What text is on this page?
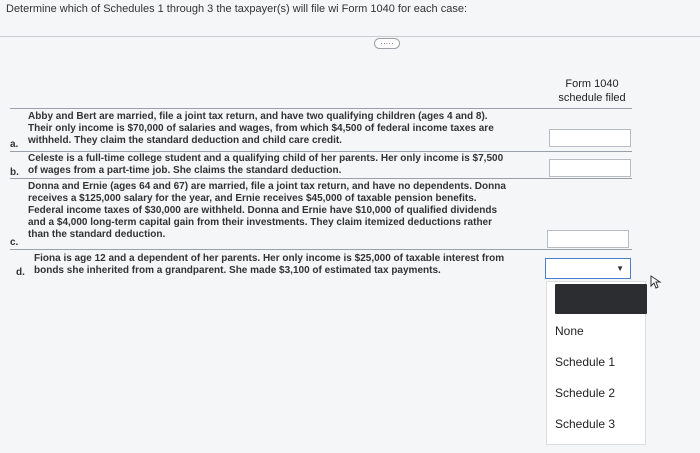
Determine which of Schedules 1 through 3 the taxpayer(s) will file wi Form 1040 for each case:
·····
Form 1040
schedule filed
a.
Abby and Bert are married, file a joint tax return, and have two qualifying children (ages 4 and 8).
Their only income is $70,000 of salaries and wages, from which $4,500 of federal income taxes are
withheld. They claim the standard deduction and child care credit.
b.
Celeste is a full-time college student and a qualifying child of her parents. Her only income is $7,500
of wages from a part-time job. She claims the standard deduction.
c.
Donna and Ernie (ages 64 and 67) are married, file a joint tax return, and have no dependents. Donna
receives a $125,000 salary for the year, and Ernie receives $45,000 of taxable pension benefits.
Federal income taxes of $30,000 are withheld. Donna and Ernie have $10,000 of qualified dividends
and a $4,000 long-term capital gain from their investments. They claim itemized deductions rather
than the standard deduction.
d.
Fiona is age 12 and a dependent of her parents. Her only income is $25,000 of taxable interest from
bonds she inherited from a grandparent. She made $3,100 of estimated tax payments.	▼
None
Schedule 1
Schedule 2
Schedule 3
